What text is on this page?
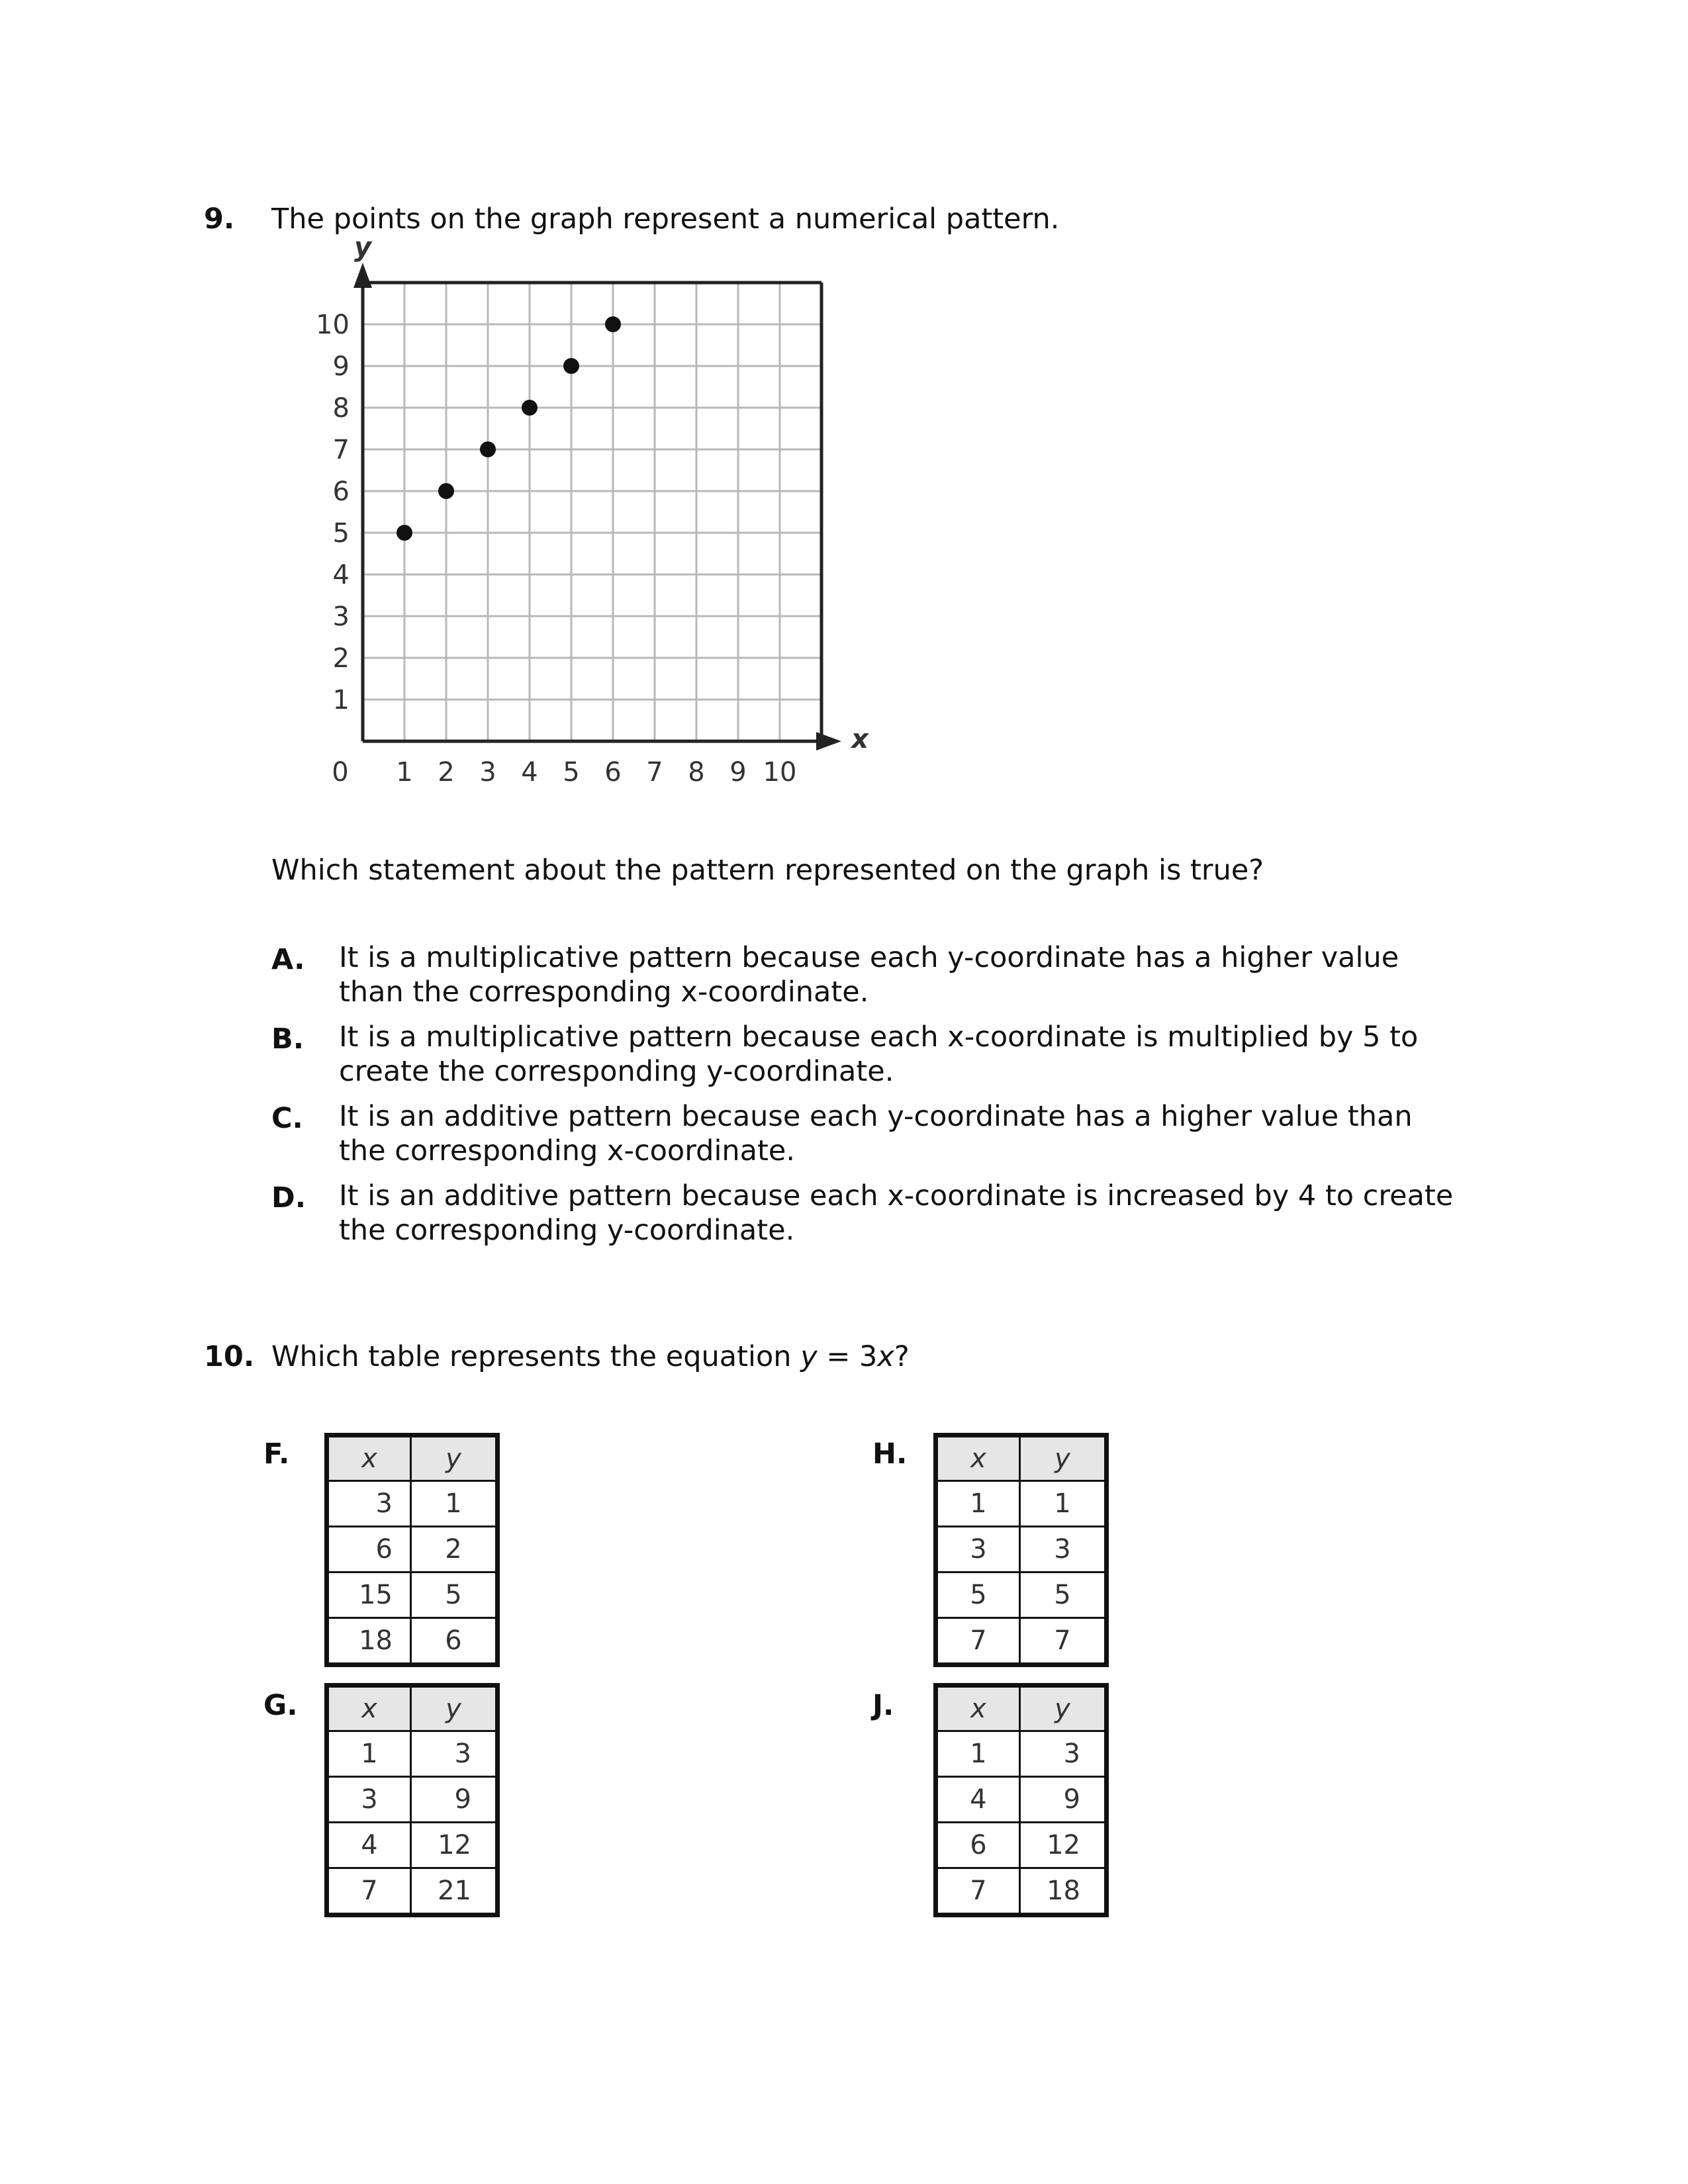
9. The points on the graph represent a numerical pattern.
1
2
3
4
5
6
7
8
9
10
1 2 3 4 5 6 7 8 9 10
y
x
0
Which statement about the pattern represented on the graph is true?
A. It is a multiplicative pattern because each y-coordinate has a higher value than the corresponding x-coordinate.
B. It is a multiplicative pattern because each x-coordinate is multiplied by 5 to create the corresponding y-coordinate.
C. It is an additive pattern because each y-coordinate has a higher value than the corresponding x-coordinate.
D. It is an additive pattern because each x-coordinate is increased by 4 to create the corresponding y-coordinate.
10. Which table represents the equation y = 3x?
F.	x	y
3	1
6	2
15	5
18	6
G. x	y
1	3
3	9
4	12
7	21
H. x	y
1	1
3	3
5	5
7	7
J.	x	y
1	3
4	9
6	12
7	18
